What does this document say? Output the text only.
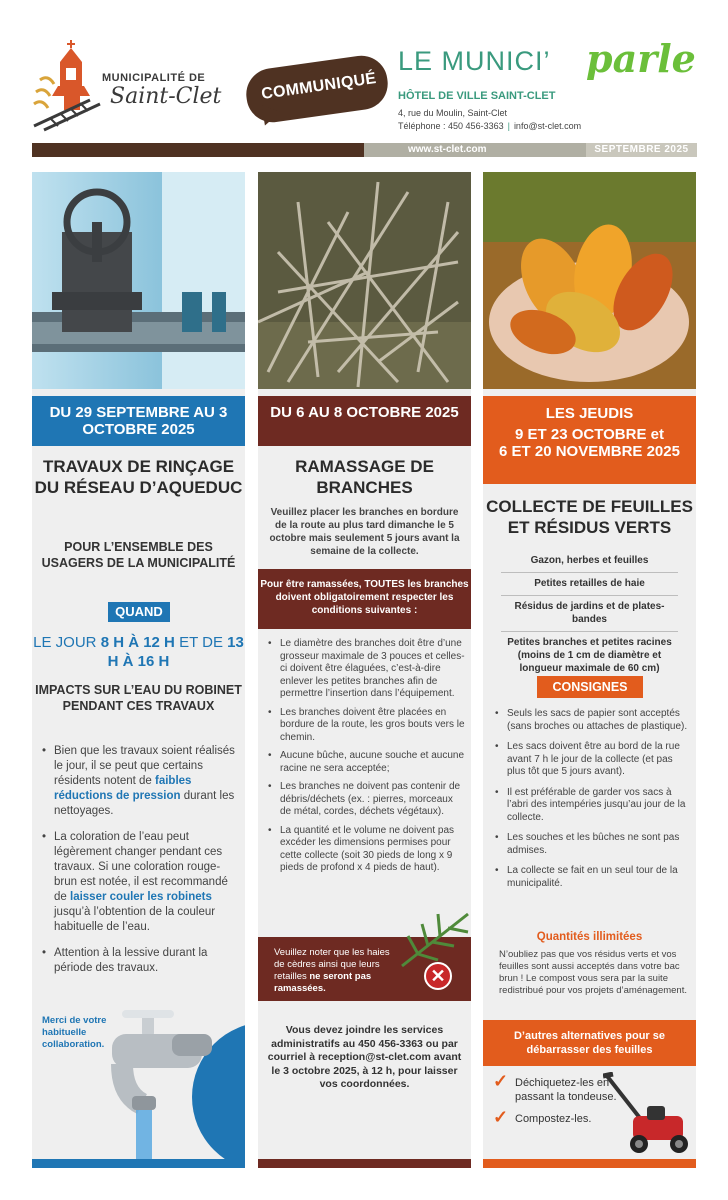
MUNICIPALITÉ DE
Saint-Clet	COMMUNIQUÉ
LE MUNICI’ parle
HÔTEL DE VILLE SAINT-CLET
4, rue du Moulin, Saint-Clet
Téléphone : 450 456-3363 | info@st-clet.com
www.st-clet.com	SEPTEMBRE 2025
DU 29 SEPTEMBRE AU 3 OCTOBRE 2025
TRAVAUX DE RINÇAGE DU RÉSEAU D’AQUEDUC
POUR L’ENSEMBLE DES USAGERS DE LA MUNICIPALITÉ
QUAND
LE JOUR 8 H À 12 H ET DE 13 H À 16 H
IMPACTS SUR L’EAU DU ROBINET PENDANT CES TRAVAUX
• Bien que les travaux soient réalisés le jour, il se peut que certains résidents notent de faibles réductions de pression durant les nettoyages.
• La coloration de l’eau peut légèrement changer pendant ces travaux. Si une coloration rouge-brun est notée, il est recommandé de laisser couler les robinets jusqu’à l’obtention de la couleur habituelle de l’eau.
• Attention à la lessive durant la période des travaux.
Merci de votre habituelle collaboration.
DU 6 AU 8 OCTOBRE 2025
RAMASSAGE DE BRANCHES
Veuillez placer les branches en bordure de la route au plus tard dimanche le 5 octobre mais seulement 5 jours avant la semaine de la collecte.
Pour être ramassées, TOUTES les branches doivent obligatoirement respecter les conditions suivantes :
• Le diamètre des branches doit être d’une grosseur maximale de 3 pouces et celles-ci doivent être élaguées, c’est-à-dire enlever les petites branches afin de permettre l’insertion dans l’équipement.
• Les branches doivent être placées en bordure de la route, les gros bouts vers le chemin.
• Aucune bûche, aucune souche et aucune racine ne sera acceptée;
• Les branches ne doivent pas contenir de débris/déchets (ex. : pierres, morceaux de métal, cordes, déchets végétaux).
• La quantité et le volume ne doivent pas excéder les dimensions permises pour cette collecte (soit 30 pieds de long x 9 pieds de profond x 4 pieds de haut).
Veuillez noter que les haies de cèdres ainsi que leurs retailles ne seront pas ramassées.
✕
Vous devez joindre les services administratifs au 450 456-3363 ou par courriel à reception@st-clet.com avant le 3 octobre 2025, à 12 h, pour laisser vos coordonnées.
LES JEUDIS
9 ET 23 OCTOBRE et
6 ET 20 NOVEMBRE 2025
COLLECTE DE FEUILLES ET RÉSIDUS VERTS
Gazon, herbes et feuilles
Petites retailles de haie
Résidus de jardins et de plates-bandes
Petites branches et petites racines (moins de 1 cm de diamètre et longueur maximale de 60 cm)
CONSIGNES
• Seuls les sacs de papier sont acceptés (sans broches ou attaches de plastique).
• Les sacs doivent être au bord de la rue avant 7 h le jour de la collecte (et pas plus tôt que 5 jours avant).
• Il est préférable de garder vos sacs à l’abri des intempéries jusqu’au jour de la collecte.
• Les souches et les bûches ne sont pas admises.
• La collecte se fait en un seul tour de la municipalité.
Quantités illimitées
N’oubliez pas que vos résidus verts et vos feuilles sont aussi acceptés dans votre bac brun ! Le compost vous sera par la suite redistribué pour vos projets d’aménagement.
D’autres alternatives pour se débarrasser des feuilles
✓ Déchiquetez-les en passant la tondeuse.
✓ Compostez-les.
